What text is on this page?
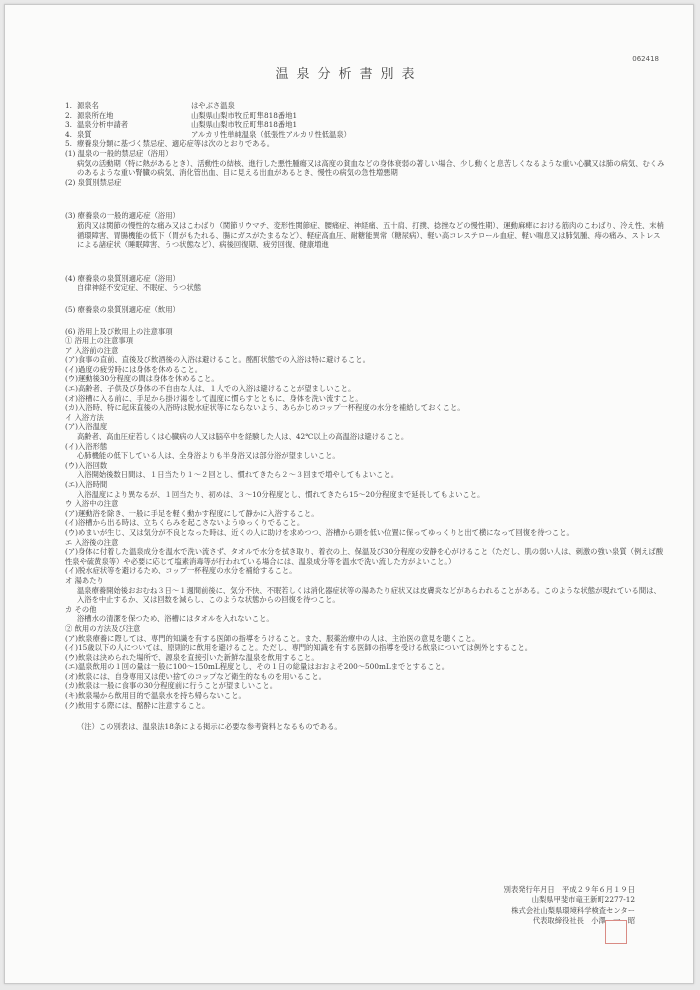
062418
温泉分析書別表
1. 源泉名	はやぶさ温泉
2. 源泉所在地	山梨県山梨市牧丘町隼818番地1
3. 温泉分析申請者	山梨県山梨市牧丘町隼818番地1
4. 泉質	アルカリ性単純温泉（低張性アルカリ性低温泉）
5. 療養泉分類に基づく禁忌症、適応症等は次のとおりである。
(1) 温泉の一般的禁忌症（浴用）
病気の活動期（特に熱があるとき）、活動性の結核、進行した悪性腫瘍又は高度の貧血などの身体衰弱の著しい場合、少し動くと息苦しくなるような重い心臓又は肺の病気、むくみのあるような重い腎臓の病気、消化管出血、目に見える出血があるとき、慢性の病気の急性増悪期
(2) 泉質別禁忌症
(3) 療養泉の一般的適応症（浴用）
筋肉又は関節の慢性的な痛み又はこわばり（関節リウマチ、変形性関節症、腰痛症、神経痛、五十肩、打撲、捻挫などの慢性期）、運動麻痺における筋肉のこわばり、冷え性、末梢循環障害、胃腸機能の低下（胃がもたれる、腸にガスがたまるなど）、軽症高血圧、耐糖能異常（糖尿病）、軽い高コレステロール血症、軽い喘息又は肺気腫、痔の痛み、ストレスによる諸症状（睡眠障害、うつ状態など）、病後回復期、疲労回復、健康増進
(4) 療養泉の泉質別適応症（浴用）
自律神経不安定症、不眠症、うつ状態
(5) 療養泉の泉質別適応症（飲用）
(6) 浴用上及び飲用上の注意事項
① 浴用上の注意事項
ア 入浴前の注意
(ア)食事の直前、直後及び飲酒後の入浴は避けること。酩酊状態での入浴は特に避けること。
(イ)過度の疲労時には身体を休めること。
(ウ)運動後30分程度の間は身体を休めること。
(エ)高齢者、子供及び身体の不自由な人は、１人での入浴は避けることが望ましいこと。
(オ)浴槽に入る前に、手足から掛け湯をして温度に慣らすとともに、身体を洗い流すこと。
(カ)入浴時、特に起床直後の入浴時は脱水症状等にならないよう、あらかじめコップ一杯程度の水分を補給しておくこと。
イ 入浴方法
(ア)入浴温度
高齢者、高血圧症若しくは心臓病の人又は脳卒中を経験した人は、42℃以上の高温浴は避けること。
(イ)入浴形態
心肺機能の低下している人は、全身浴よりも半身浴又は部分浴が望ましいこと。
(ウ)入浴回数
入浴開始後数日間は、１日当たり１～２回とし、慣れてきたら２～３回まで増やしてもよいこと。
(エ)入浴時間
入浴温度により異なるが、１回当たり、初めは、３～10分程度とし、慣れてきたら15～20分程度まで延長してもよいこと。
ウ 入浴中の注意
(ア)運動浴を除き、一般に手足を軽く動かす程度にして静かに入浴すること。
(イ)浴槽から出る時は、立ちくらみを起こさないようゆっくりでること。
(ウ)めまいが生じ、又は気分が不良となった時は、近くの人に助けを求めつつ、浴槽から頭を低い位置に保ってゆっくりと出て横になって回復を待つこと。
エ 入浴後の注意
(ア)身体に付着した温泉成分を温水で洗い流さず、タオルで水分を拭き取り、着衣の上、保温及び30分程度の安静を心がけること（ただし、肌の弱い人は、刺激の強い泉質（例えば酸性泉や硫黄泉等）や必要に応じて塩素消毒等が行われている場合には、温泉成分等を温水で洗い流した方がよいこと。）
(イ)脱水症状等を避けるため、コップ一杯程度の水分を補給すること。
オ 湯あたり
温泉療養開始後おおむね３日～１週間前後に、気分不快、不眠若しくは消化器症状等の湯あたり症状又は皮膚炎などがあらわれることがある。このような状態が現れている間は、入浴を中止するか、又は回数を減らし、このような状態からの回復を待つこと。
カ その他
浴槽水の清潔を保つため、浴槽にはタオルを入れないこと。
② 飲用の方法及び注意
(ア)飲泉療養に際しては、専門的知識を有する医師の指導をうけること。また、服薬治療中の人は、主治医の意見を聴くこと。
(イ)15歳以下の人については、原則的に飲用を避けること。ただし、専門的知識を有する医師の指導を受ける飲泉については例外とすること。
(ウ)飲泉は決められた場所で、源泉を直接引いた新鮮な温泉を飲用すること。
(エ)温泉飲用の１回の量は一般に100～150mL程度とし、その１日の総量はおおよそ200～500mLまでとすること。
(オ)飲泉には、自身専用又は使い捨てのコップなど衛生的なものを用いること。
(カ)飲泉は一般に食事の30分程度前に行うことが望ましいこと。
(キ)飲泉場から飲用目的で温泉水を持ち帰らないこと。
(ク)飲用する際には、酩酔に注意すること。
（注）この別表は、温泉法18条による掲示に必要な参考資料となるものである。
別表発行年月日　平成２９年６月１９日
山梨県甲斐市竜王新町2277-12
株式会社山梨県環境科学検査センター
代表取締役社長　小澤　一　昭
